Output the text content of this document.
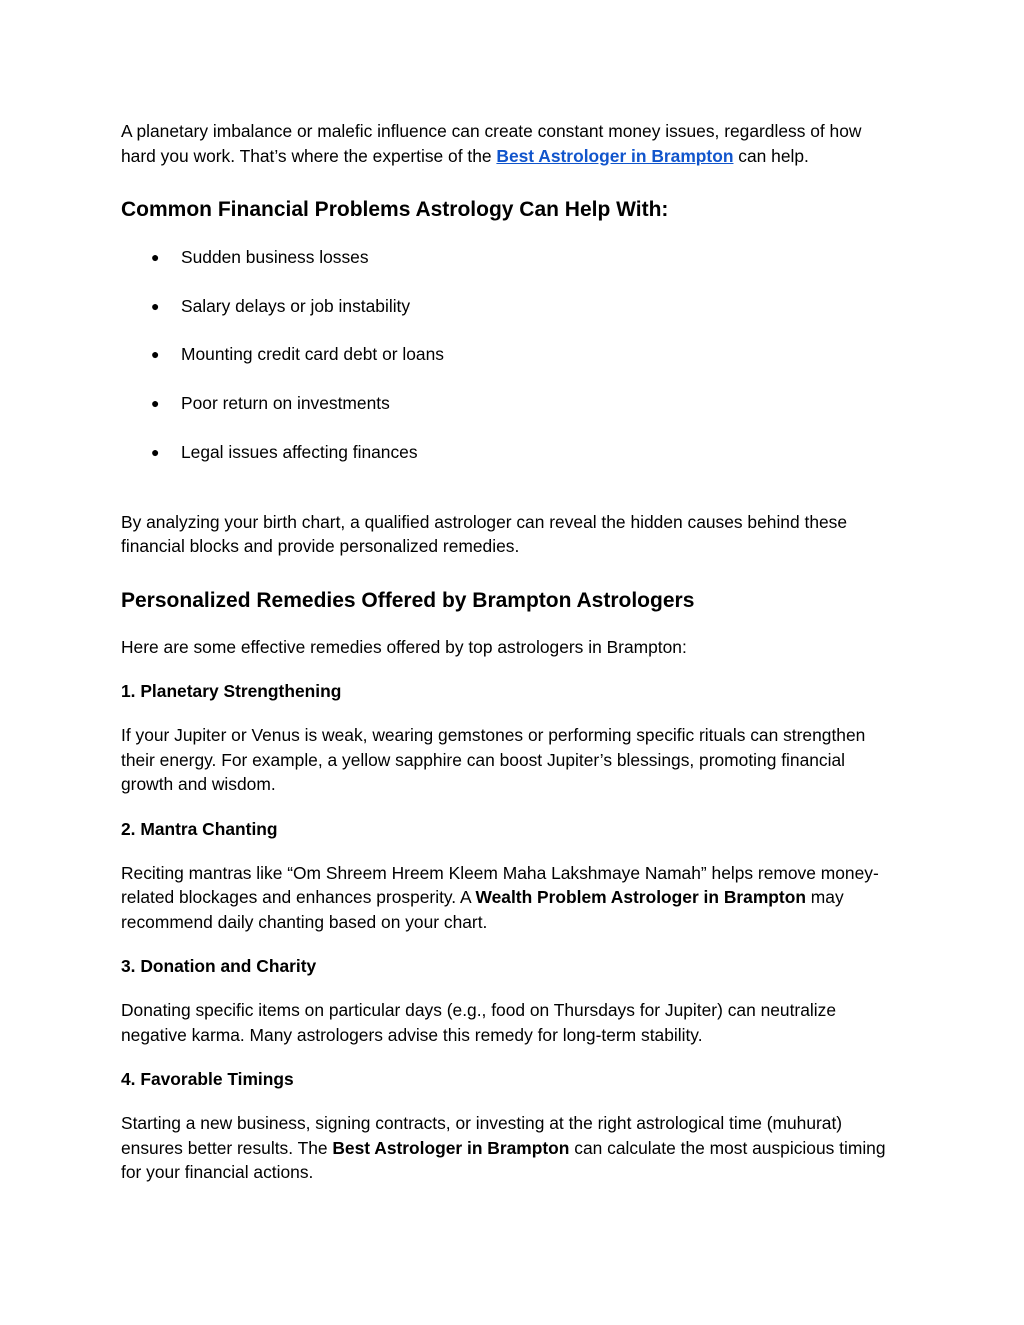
A planetary imbalance or malefic influence can create constant money issues, regardless of how hard you work. That’s where the expertise of the Best Astrologer in Brampton can help.

Common Financial Problems Astrology Can Help With:
● Sudden business losses
● Salary delays or job instability
● Mounting credit card debt or loans
● Poor return on investments
● Legal issues affecting finances

By analyzing your birth chart, a qualified astrologer can reveal the hidden causes behind these financial blocks and provide personalized remedies.

Personalized Remedies Offered by Brampton Astrologers

Here are some effective remedies offered by top astrologers in Brampton:

1. Planetary Strengthening

If your Jupiter or Venus is weak, wearing gemstones or performing specific rituals can strengthen their energy. For example, a yellow sapphire can boost Jupiter’s blessings, promoting financial growth and wisdom.

2. Mantra Chanting

Reciting mantras like “Om Shreem Hreem Kleem Maha Lakshmaye Namah” helps remove money-related blockages and enhances prosperity. A Wealth Problem Astrologer in Brampton may recommend daily chanting based on your chart.

3. Donation and Charity

Donating specific items on particular days (e.g., food on Thursdays for Jupiter) can neutralize negative karma. Many astrologers advise this remedy for long-term stability.

4. Favorable Timings

Starting a new business, signing contracts, or investing at the right astrological time (muhurat) ensures better results. The Best Astrologer in Brampton can calculate the most auspicious timing for your financial actions.
